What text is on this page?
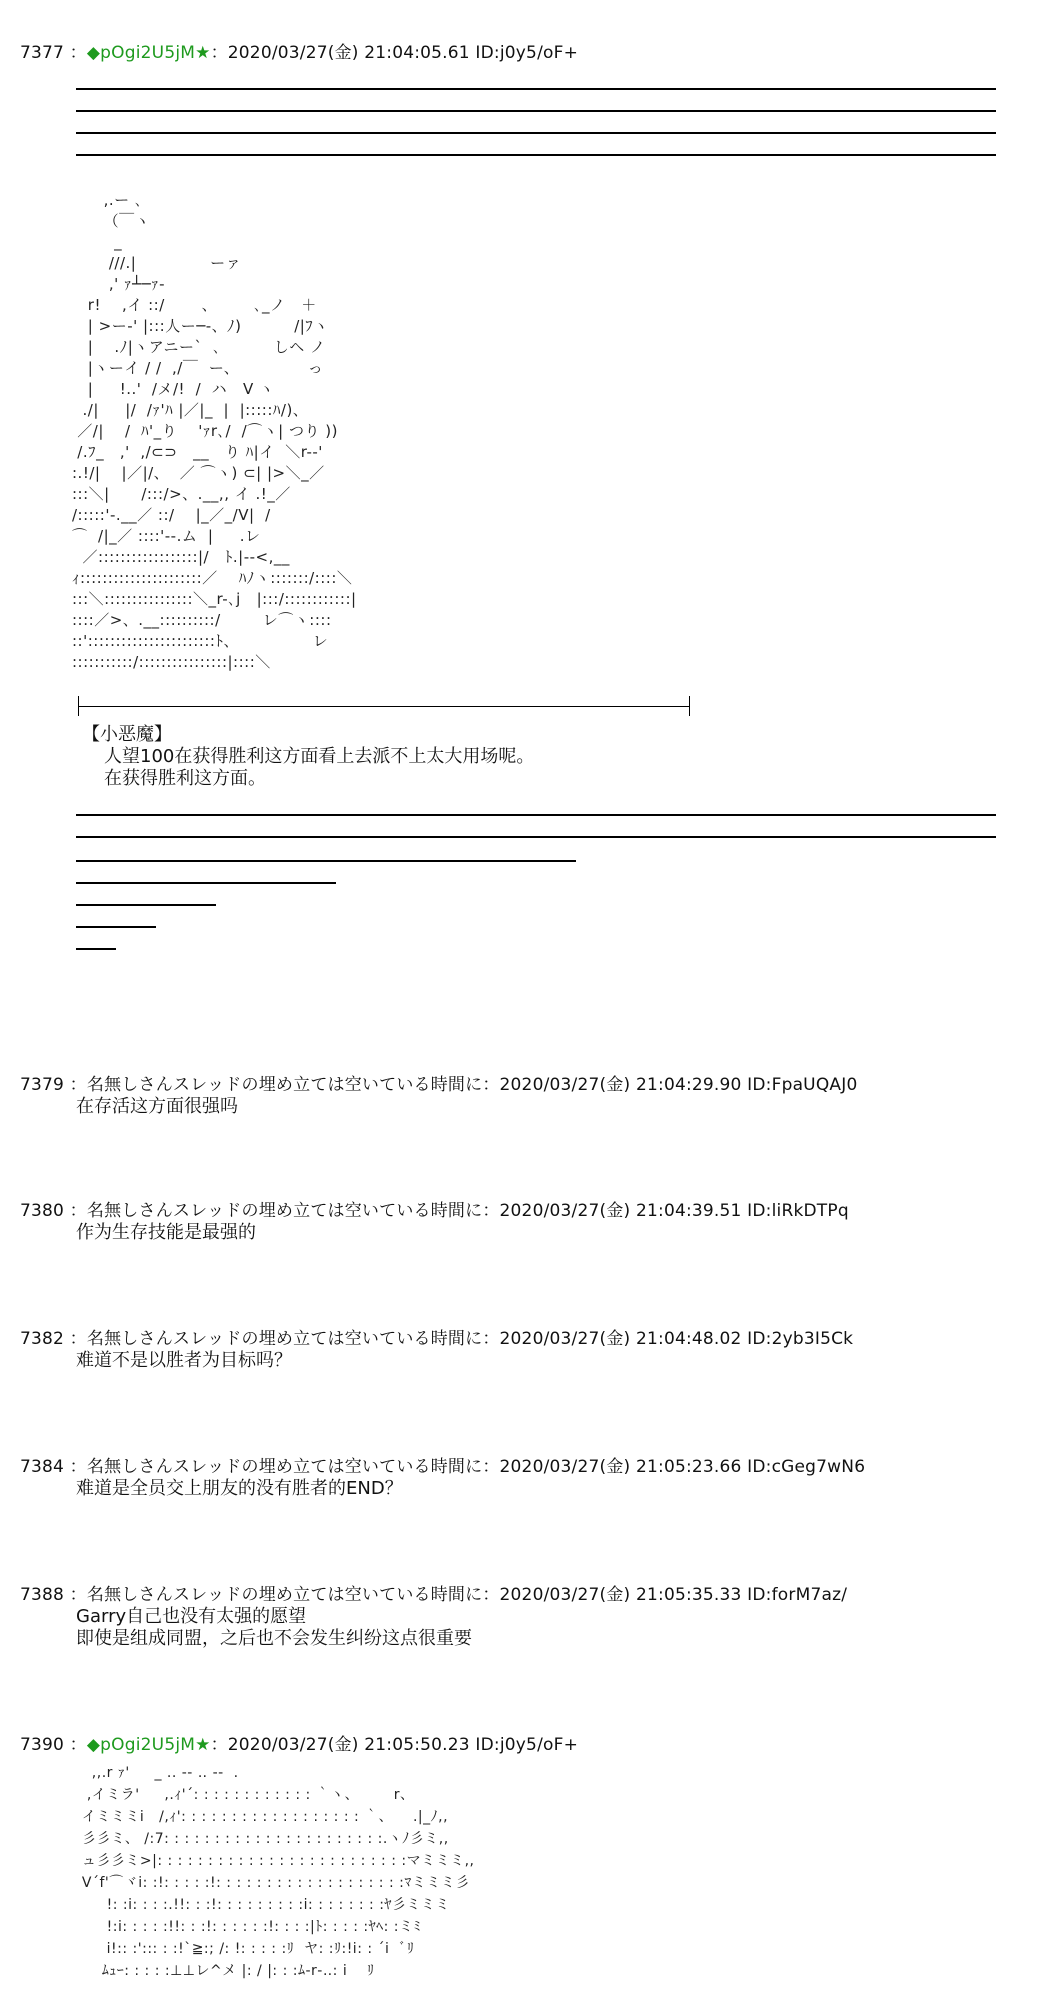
7377 ：◆pOgi2U5jM★：2020/03/27(金) 21:04:05.61 ID:j0y5/oF+
,.ー ､
（￣ヽ
_
///.|              ーァ
,' ｧ┴─ｧ-
r!    ,イ ::/       、       ､_ノ   ＋
| >ー-' |:::人ー─-、ﾉ)          /|ﾌヽ
|    .ﾉ|ヽアニー`  ､          しヘ ノ
|ヽーイ / /  ,/￣  ー、             っ
|     !..'  /メ/!  /  ハ   V ヽ
./|     |/  /ｧ'ﾊ |／|_  |  |:::::ﾊ/)、
／/|    /  ﾊ'_り    'ｧr､/  /⌒ヽ| つり ))
/.ﾌ_   ,'  ,/⊂⊃   __   り ﾊ|イ  ＼r-‐'
:.!/|    |／|/、  ／ ⌒ヽ) ⊂| |>＼_／
:::＼|      /:::/>、.__,, イ .!_／
/:::::'-.__／ ::/    |_／_/V|  /
⌒  /|_／ ::::'‐-.ム  |     .レ
／::::::::::::::::::|/   ﾄ.|-‐<,__
ｨ::::::::::::::::::::::／    ﾊﾉヽ:::::::/::::＼
:::＼::::::::::::::::＼_r-､j   |:::/::::::::::::|
::::／>、.__::::::::::/        レ⌒ヽ::::
::':::::::::::::::::::::::ﾄ、              レ
:::::::::::/::::::::::::::::|::::＼
【小恶魔】
人望100在获得胜利这方面看上去派不上太大用场呢。
在获得胜利这方面。
7379 ：名無しさんスレッドの埋め立ては空いている時間に：2020/03/27(金) 21:04:29.90 ID:FpaUQAJ0
在存活这方面很强吗
7380 ：名無しさんスレッドの埋め立ては空いている時間に：2020/03/27(金) 21:04:39.51 ID:liRkDTPq
作为生存技能是最强的
7382 ：名無しさんスレッドの埋め立ては空いている時間に：2020/03/27(金) 21:04:48.02 ID:2yb3I5Ck
难道不是以胜者为目标吗？
7384 ：名無しさんスレッドの埋め立ては空いている時間に：2020/03/27(金) 21:05:23.66 ID:cGeg7wN6
难道是全员交上朋友的没有胜者的END？
7388 ：名無しさんスレッドの埋め立ては空いている時間に：2020/03/27(金) 21:05:35.33 ID:forM7az/
Garry自己也没有太强的愿望
即使是组成同盟，之后也不会发生纠纷这点很重要
7390 ：◆pOgi2U5jM★：2020/03/27(金) 21:05:50.23 ID:j0y5/oF+
,,.r ｧ'     _ .. -‐ ‥ ‐-  .
,イミラ'     ,.ｨ'´: : : : : : : : : : : : ｀ヽ、       r、
イミミミi   /,ｨ': : : : : : : : : : : : : : : : : : ｀、    .|_ﾉ,,
彡彡ミ、 /:7: : : : : : : : : : : : : : : : : : : : : :.ヽﾉ彡ミ,,
ュ彡彡ミ>|: : : : : : : : : : : : : : : : : : : : : : : : :マミミミ,,
V´f'⌒ヾi: :!: : : : :!: : : : : : : : : : : : : : : : : : :ﾏミミミ彡
!: :i: : : :.!!: : :!: : : : : : : : :i: : : : : : : :ﾔ彡ミミミ
!:i: : : : :!!: : :!: : : : : :!: : : :|ﾄ: : : : :ﾔﾍ: :ミﾐ
i!:: :'::: : :!`≧:; /: !: : : : :ﾘ  ヤ: :ﾘ:!i: : ´i  ﾞﾘ
ﾑｭｰ: : : : :⊥⊥レ^メ |: / |: : :ﾑ‐r‐‥: i    ﾘ
